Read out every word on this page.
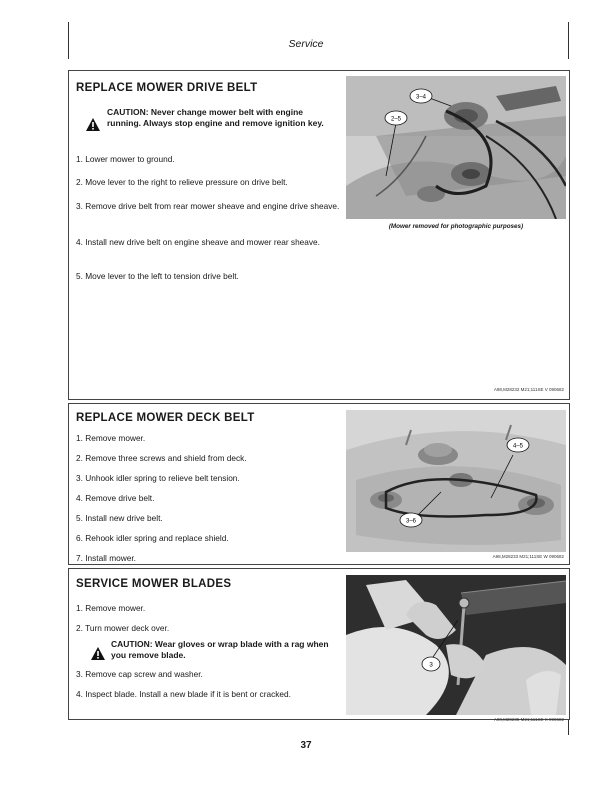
Service
REPLACE MOWER DRIVE BELT
CAUTION: Never change mower belt with engine running. Always stop engine and remove ignition key.
1. Lower mower to ground.
2. Move lever to the right to relieve pressure on drive belt.
3. Remove drive belt from rear mower sheave and engine drive sheave.
4. Install new drive belt on engine sheave and mower rear sheave.
5. Move lever to the left to tension drive belt.
3–4
2–5
(Mower removed for photographic purposes)
A98,M28232 M21;111SE V 090682
REPLACE MOWER DECK BELT
1. Remove mower.
2. Remove three screws and shield from deck.
3. Unhook idler spring to relieve belt tension.
4. Remove drive belt.
5. Install new drive belt.
6. Rehook idler spring and replace shield.
7. Install mower.
4–5
3–6
A98,M28233 M21;111SE W 090682
SERVICE MOWER BLADES
1. Remove mower.
2. Turn mower deck over.
CAUTION: Wear gloves or wrap blade with a rag when you remove blade.
3. Remove cap screw and washer.
4. Inspect blade. Install a new blade if it is bent or cracked.
3
A98,M28235 M21;111SE X 090682
37
